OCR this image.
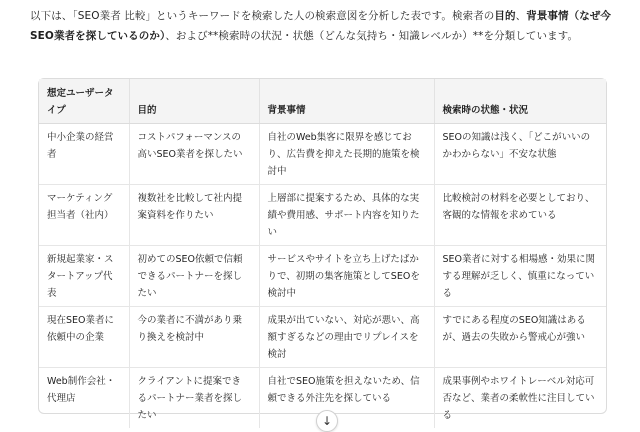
以下は、「SEO業者 比較」というキーワードを検索した人の検索意図を分析した表です。検索者の目的、背景事情（なぜ今SEO業者を探しているのか）、および**検索時の状況・状態（どんな気持ち・知識レベルか）**を分類しています。
想定ユーザータイプ	目的	背景事情	検索時の状態・状況
中小企業の経営者	コストパフォーマンスの高いSEO業者を探したい	自社のWeb集客に限界を感じており、広告費を抑えた長期的施策を検討中	SEOの知識は浅く、「どこがいいのかわからない」不安な状態
マーケティング担当者（社内）	複数社を比較して社内提案資料を作りたい	上層部に提案するため、具体的な実績や費用感、サポート内容を知りたい	比較検討の材料を必要としており、客観的な情報を求めている
新規起業家・スタートアップ代表	初めてのSEO依頼で信頼できるパートナーを探したい	サービスやサイトを立ち上げたばかりで、初期の集客施策としてSEOを検討中	SEO業者に対する相場感・効果に関する理解が乏しく、慎重になっている
現在SEO業者に依頼中の企業	今の業者に不満があり乗り換えを検討中	成果が出ていない、対応が悪い、高額すぎるなどの理由でリプレイスを検討	すでにある程度のSEO知識はあるが、過去の失敗から警戒心が強い
Web制作会社・代理店	クライアントに提案できるパートナー業者を探したい	自社でSEO施策を担えないため、信頼できる外注先を探している	成果事例やホワイトレーベル対応可否など、業者の柔軟性に注目している
↓
